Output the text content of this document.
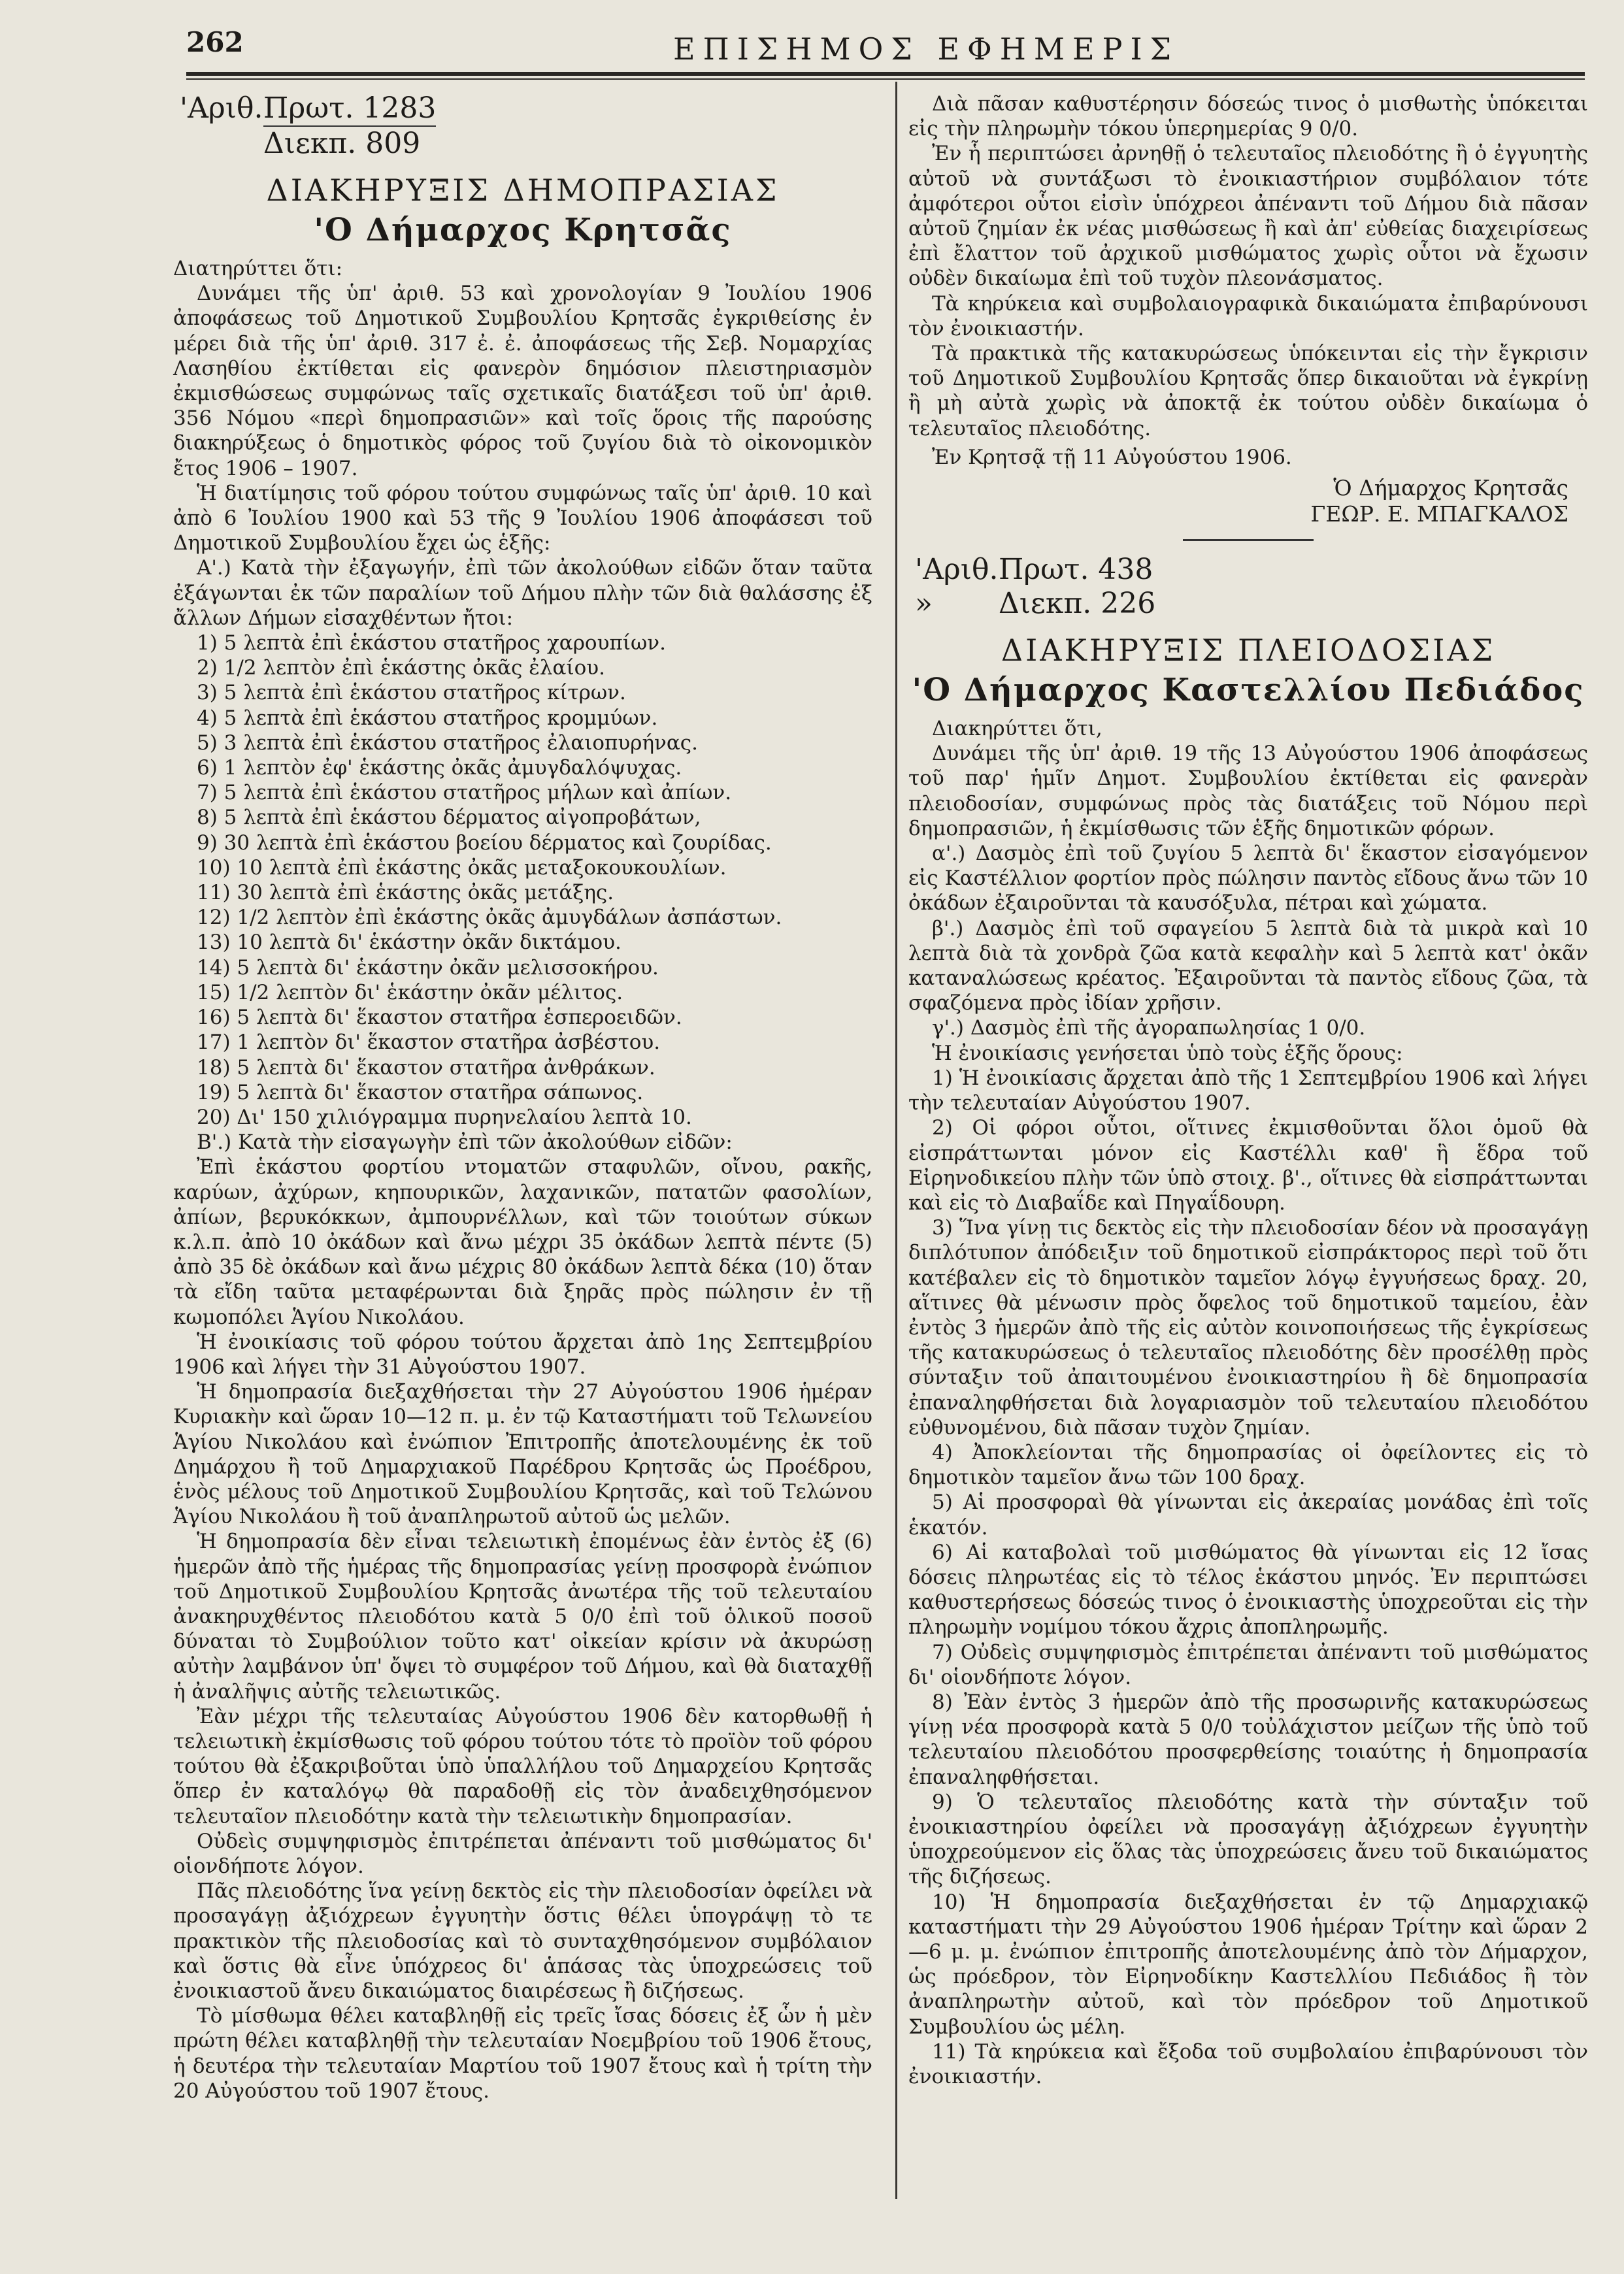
262	ΕΠΙΣΗΜΟΣ ΕΦΗΜΕΡΙΣ
'Αριθ. Πρωτ. 1283
Διεκπ. 809
ΔΙΑΚΗΡΥΞΙΣ ΔΗΜΟΠΡΑΣΙΑΣ
'Ο Δήμαρχος Κρητσᾶς

Διατηρύττει ὅτι:

Δυνάμει τῆς ὑπ' ἀριθ. 53 καὶ χρονολογίαν 9 Ἰουλίου 1906 ἀποφάσεως τοῦ Δημοτικοῦ Συμβουλίου Κρητσᾶς ἐγκριθείσης ἐν μέρει διὰ τῆς ὑπ' ἀριθ. 317 ἐ. ἐ. ἀποφάσεως τῆς Σεβ. Νομαρχίας Λασηθίου ἐκτίθεται εἰς φανερὸν δημόσιον πλειστηριασμὸν ἐκμισθώσεως συμφώνως ταῖς σχετικαῖς διατάξεσι τοῦ ὑπ' ἀριθ. 356 Νόμου «περὶ δημοπρασιῶν» καὶ τοῖς ὅροις τῆς παρούσης διακηρύξεως ὁ δημοτικὸς φόρος τοῦ ζυγίου διὰ τὸ οἰκονομικὸν ἔτος 1906 – 1907.

Ἡ διατίμησις τοῦ φόρου τούτου συμφώνως ταῖς ὑπ' ἀριθ. 10 καὶ ἀπὸ 6 Ἰουλίου 1900 καὶ 53 τῆς 9 Ἰουλίου 1906 ἀποφάσεσι τοῦ Δημοτικοῦ Συμβουλίου ἔχει ὡς ἑξῆς:

Α'.) Κατὰ τὴν ἐξαγωγήν, ἐπὶ τῶν ἀκολούθων εἰδῶν ὅταν ταῦτα ἐξάγωνται ἐκ τῶν παραλίων τοῦ Δήμου πλὴν τῶν διὰ θαλάσσης ἐξ ἄλλων Δήμων εἰσαχθέντων ἤτοι:

1) 5 λεπτὰ ἐπὶ ἑκάστου στατῆρος χαρουπίων.

2) 1/2 λεπτὸν ἐπὶ ἑκάστης ὀκᾶς ἐλαίου.

3) 5 λεπτὰ ἐπὶ ἑκάστου στατῆρος κίτρων.

4) 5 λεπτὰ ἐπὶ ἑκάστου στατῆρος κρομμύων.

5) 3 λεπτὰ ἐπὶ ἑκάστου στατῆρος ἐλαιοπυρήνας.

6) 1 λεπτὸν ἐφ' ἑκάστης ὀκᾶς ἀμυγδαλόψυχας.

7) 5 λεπτὰ ἐπὶ ἑκάστου στατῆρος μήλων καὶ ἀπίων.

8) 5 λεπτὰ ἐπὶ ἑκάστου δέρματος αἰγοπροβάτων,

9) 30 λεπτὰ ἐπὶ ἑκάστου βοείου δέρματος καὶ ζουρίδας.

10) 10 λεπτὰ ἐπὶ ἑκάστης ὀκᾶς μεταξοκουκουλίων.

11) 30 λεπτὰ ἐπὶ ἑκάστης ὀκᾶς μετάξης.

12) 1/2 λεπτὸν ἐπὶ ἑκάστης ὀκᾶς ἀμυγδάλων ἀσπάστων.

13) 10 λεπτὰ δι' ἑκάστην ὀκᾶν δικτάμου.

14) 5 λεπτὰ δι' ἑκάστην ὀκᾶν μελισσοκήρου.

15) 1/2 λεπτὸν δι' ἑκάστην ὀκᾶν μέλιτος.

16) 5 λεπτὰ δι' ἕκαστον στατῆρα ἑσπεροειδῶν.

17) 1 λεπτὸν δι' ἕκαστον στατῆρα ἀσβέστου.

18) 5 λεπτὰ δι' ἕκαστον στατῆρα ἀνθράκων.

19) 5 λεπτὰ δι' ἕκαστον στατῆρα σάπωνος.

20) Δι' 150 χιλιόγραμμα πυρηνελαίου λεπτὰ 10.

Β'.) Κατὰ τὴν εἰσαγωγὴν ἐπὶ τῶν ἀκολούθων εἰδῶν:

Ἐπὶ ἑκάστου φορτίου ντοματῶν σταφυλῶν, οἴνου, ρακῆς, καρύων, ἀχύρων, κηπουρικῶν, λαχανικῶν, πατατῶν φασολίων, ἀπίων, βερυκόκκων, ἀμπουρνέλλων, καὶ τῶν τοιούτων σύκων κ.λ.π. ἀπὸ 10 ὀκάδων καὶ ἄνω μέχρι 35 ὀκάδων λεπτὰ πέντε (5) ἀπὸ 35 δὲ ὀκάδων καὶ ἄνω μέχρις 80 ὀκάδων λεπτὰ δέκα (10) ὅταν τὰ εἴδη ταῦτα μεταφέρωνται διὰ ξηρᾶς πρὸς πώλησιν ἐν τῇ κωμοπόλει Ἁγίου Νικολάου.

Ἡ ἐνοικίασις τοῦ φόρου τούτου ἄρχεται ἀπὸ 1ης Σεπτεμβρίου 1906 καὶ λήγει τὴν 31 Αὐγούστου 1907.

Ἡ δημοπρασία διεξαχθήσεται τὴν 27 Αὐγούστου 1906 ἡμέραν Κυριακὴν καὶ ὥραν 10—12 π. μ. ἐν τῷ Καταστήματι τοῦ Τελωνείου Ἁγίου Νικολάου καὶ ἐνώπιον Ἐπιτροπῆς ἀποτελουμένης ἐκ τοῦ Δημάρχου ἢ τοῦ Δημαρχιακοῦ Παρέδρου Κρητσᾶς ὡς Προέδρου, ἑνὸς μέλους τοῦ Δημοτικοῦ Συμβουλίου Κρητσᾶς, καὶ τοῦ Τελώνου Ἁγίου Νικολάου ἢ τοῦ ἀναπληρωτοῦ αὐτοῦ ὡς μελῶν.

Ἡ δημοπρασία δὲν εἶναι τελειωτικὴ ἐπομένως ἐὰν ἐντὸς ἐξ (6) ἡμερῶν ἀπὸ τῆς ἡμέρας τῆς δημοπρασίας γείνῃ προσφορὰ ἐνώπιον τοῦ Δημοτικοῦ Συμβουλίου Κρητσᾶς ἀνωτέρα τῆς τοῦ τελευταίου ἀνακηρυχθέντος πλειοδότου κατὰ 5 0/0 ἐπὶ τοῦ ὁλικοῦ ποσοῦ δύναται τὸ Συμβούλιον τοῦτο κατ' οἰκείαν κρίσιν νὰ ἀκυρώσῃ αὐτὴν λαμβάνον ὑπ' ὄψει τὸ συμφέρον τοῦ Δήμου, καὶ θὰ διαταχθῇ ἡ ἀναλῆψις αὐτῆς τελειωτικῶς.

Ἐὰν μέχρι τῆς τελευταίας Αὐγούστου 1906 δὲν κατορθωθῇ ἡ τελειωτικὴ ἐκμίσθωσις τοῦ φόρου τούτου τότε τὸ προϊὸν τοῦ φόρου τούτου θὰ ἐξακριβοῦται ὑπὸ ὑπαλλήλου τοῦ Δημαρχείου Κρητσᾶς ὅπερ ἐν καταλόγῳ θὰ παραδοθῇ εἰς τὸν ἀναδειχθησόμενον τελευταῖον πλειοδότην κατὰ τὴν τελειωτικὴν δημοπρασίαν.

Οὐδεὶς συμψηφισμὸς ἐπιτρέπεται ἀπέναντι τοῦ μισθώματος δι' οἱονδήποτε λόγον.

Πᾶς πλειοδότης ἵνα γείνῃ δεκτὸς εἰς τὴν πλειοδοσίαν ὀφείλει νὰ προσαγάγῃ ἀξιόχρεων ἐγγυητὴν ὅστις θέλει ὑπογράψῃ τὸ τε πρακτικὸν τῆς πλειοδοσίας καὶ τὸ συνταχθησόμενον συμβόλαιον καὶ ὅστις θὰ εἶνε ὑπόχρεος δι' ἁπάσας τὰς ὑποχρεώσεις τοῦ ἐνοικιαστοῦ ἄνευ δικαιώματος διαιρέσεως ἢ διζήσεως.

Τὸ μίσθωμα θέλει καταβληθῇ εἰς τρεῖς ἴσας δόσεις ἐξ ὧν ἡ μὲν πρώτη θέλει καταβληθῇ τὴν τελευταίαν Νοεμβρίου τοῦ 1906 ἔτους, ἡ δευτέρα τὴν τελευταίαν Μαρτίου τοῦ 1907 ἔτους καὶ ἡ τρίτη τὴν 20 Αὐγούστου τοῦ 1907 ἔτους.

Διὰ πᾶσαν καθυστέρησιν δόσεώς τινος ὁ μισθωτὴς ὑπόκειται εἰς τὴν πληρωμὴν τόκου ὑπερημερίας 9 0/0.

Ἐν ἧ περιπτώσει ἀρνηθῇ ὁ τελευταῖος πλειοδότης ἢ ὁ ἐγγυητὴς αὐτοῦ νὰ συντάξωσι τὸ ἐνοικιαστήριον συμβόλαιον τότε ἀμφότεροι οὗτοι εἰσὶν ὑπόχρεοι ἀπέναντι τοῦ Δήμου διὰ πᾶσαν αὐτοῦ ζημίαν ἐκ νέας μισθώσεως ἢ καὶ ἀπ' εὐθείας διαχειρίσεως ἐπὶ ἔλαττον τοῦ ἀρχικοῦ μισθώματος χωρὶς οὗτοι νὰ ἔχωσιν οὐδὲν δικαίωμα ἐπὶ τοῦ τυχὸν πλεονάσματος.

Τὰ κηρύκεια καὶ συμβολαιογραφικὰ δικαιώματα ἐπιβαρύνουσι τὸν ἐνοικιαστήν.

Τὰ πρακτικὰ τῆς κατακυρώσεως ὑπόκεινται εἰς τὴν ἔγκρισιν τοῦ Δημοτικοῦ Συμβουλίου Κρητσᾶς ὅπερ δικαιοῦται νὰ ἐγκρίνῃ ἢ μὴ αὐτὰ χωρὶς νὰ ἀποκτᾷ ἐκ τούτου οὐδὲν δικαίωμα ὁ τελευταῖος πλειοδότης.

Ἐν Κρητσᾷ τῇ 11 Αὐγούστου 1906.

Ὁ Δήμαρχος Κρητσᾶς
ΓΕΩΡ. Ε. ΜΠΑΓΚΑΛΟΣ
'Αριθ. Πρωτ. 438
»	Διεκπ. 226
ΔΙΑΚΗΡΥΞΙΣ ΠΛΕΙΟΔΟΣΙΑΣ
'Ο Δήμαρχος Καστελλίου Πεδιάδος

Διακηρύττει ὅτι,

Δυνάμει τῆς ὑπ' ἀριθ. 19 τῆς 13 Αὐγούστου 1906 ἀποφάσεως τοῦ παρ' ἡμῖν Δημοτ. Συμβουλίου ἐκτίθεται εἰς φανερὰν πλειοδοσίαν, συμφώνως πρὸς τὰς διατάξεις τοῦ Νόμου περὶ δημοπρασιῶν, ἡ ἐκμίσθωσις τῶν ἑξῆς δημοτικῶν φόρων.

α'.) Δασμὸς ἐπὶ τοῦ ζυγίου 5 λεπτὰ δι' ἕκαστον εἰσαγόμενον εἰς Καστέλλιον φορτίον πρὸς πώλησιν παντὸς εἴδους ἄνω τῶν 10 ὀκάδων ἐξαιροῦνται τὰ καυσόξυλα, πέτραι καὶ χώματα.

β'.) Δασμὸς ἐπὶ τοῦ σφαγείου 5 λεπτὰ διὰ τὰ μικρὰ καὶ 10 λεπτὰ διὰ τὰ χονδρὰ ζῶα κατὰ κεφαλὴν καὶ 5 λεπτὰ κατ' ὀκᾶν καταναλώσεως κρέατος. Ἐξαιροῦνται τὰ παντὸς εἴδους ζῶα, τὰ σφαζόμενα πρὸς ἰδίαν χρῆσιν.

γ'.) Δασμὸς ἐπὶ τῆς ἀγοραπωλησίας 1 0/0.

Ἡ ἐνοικίασις γενήσεται ὑπὸ τοὺς ἑξῆς ὅρους:

1) Ἡ ἐνοικίασις ἄρχεται ἀπὸ τῆς 1 Σεπτεμβρίου 1906 καὶ λήγει τὴν τελευταίαν Αὐγούστου 1907.

2) Οἱ φόροι οὗτοι, οἵτινες ἐκμισθοῦνται ὅλοι ὁμοῦ θὰ εἰσπράττωνται μόνον εἰς Καστέλλι καθ' ἣ ἕδρα τοῦ Εἰρηνοδικείου πλὴν τῶν ὑπὸ στοιχ. β'., οἵτινες θὰ εἰσπράττωνται καὶ εἰς τὸ Διαβαΐδε καὶ Πηγαΐδουρη.

3) Ἵνα γίνῃ τις δεκτὸς εἰς τὴν πλειοδοσίαν δέον νὰ προσαγάγῃ διπλότυπον ἀπόδειξιν τοῦ δημοτικοῦ εἰσπράκτορος περὶ τοῦ ὅτι κατέβαλεν εἰς τὸ δημοτικὸν ταμεῖον λόγῳ ἐγγυήσεως δραχ. 20, αἵτινες θὰ μένωσιν πρὸς ὄφελος τοῦ δημοτικοῦ ταμείου, ἐὰν ἐντὸς 3 ἡμερῶν ἀπὸ τῆς εἰς αὐτὸν κοινοποιήσεως τῆς ἐγκρίσεως τῆς κατακυρώσεως ὁ τελευταῖος πλειοδότης δὲν προσέλθῃ πρὸς σύνταξιν τοῦ ἀπαιτουμένου ἐνοικιαστηρίου ἢ δὲ δημοπρασία ἐπαναληφθήσεται διὰ λογαριασμὸν τοῦ τελευταίου πλειοδότου εὐθυνομένου, διὰ πᾶσαν τυχὸν ζημίαν.

4) Ἀποκλείονται τῆς δημοπρασίας οἱ ὀφείλοντες εἰς τὸ δημοτικὸν ταμεῖον ἄνω τῶν 100 δραχ.

5) Αἱ προσφοραὶ θὰ γίνωνται εἰς ἀκεραίας μονάδας ἐπὶ τοῖς ἑκατόν.

6) Αἱ καταβολαὶ τοῦ μισθώματος θὰ γίνωνται εἰς 12 ἴσας δόσεις πληρωτέας εἰς τὸ τέλος ἑκάστου μηνός. Ἐν περιπτώσει καθυστερήσεως δόσεώς τινος ὁ ἐνοικιαστὴς ὑποχρεοῦται εἰς τὴν πληρωμὴν νομίμου τόκου ἄχρις ἀποπληρωμῆς.

7) Οὐδεὶς συμψηφισμὸς ἐπιτρέπεται ἀπέναντι τοῦ μισθώματος δι' οἱονδήποτε λόγον.

8) Ἐὰν ἐντὸς 3 ἡμερῶν ἀπὸ τῆς προσωρινῆς κατακυρώσεως γίνῃ νέα προσφορὰ κατὰ 5 0/0 τοὐλάχιστον μείζων τῆς ὑπὸ τοῦ τελευταίου πλειοδότου προσφερθείσης τοιαύτης ἡ δημοπρασία ἐπαναληφθήσεται.

9) Ὁ τελευταῖος πλειοδότης κατὰ τὴν σύνταξιν τοῦ ἐνοικιαστηρίου ὀφείλει νὰ προσαγάγῃ ἀξιόχρεων ἐγγυητὴν ὑποχρεούμενον εἰς ὅλας τὰς ὑποχρεώσεις ἄνευ τοῦ δικαιώματος τῆς διζήσεως.

10) Ἡ δημοπρασία διεξαχθήσεται ἐν τῷ Δημαρχιακῷ καταστήματι τὴν 29 Αὐγούστου 1906 ἡμέραν Τρίτην καὶ ὥραν 2—6 μ. μ. ἐνώπιον ἐπιτροπῆς ἀποτελουμένης ἀπὸ τὸν Δήμαρχον, ὡς πρόεδρον, τὸν Εἰρηνοδίκην Καστελλίου Πεδιάδος ἢ τὸν ἀναπληρωτὴν αὐτοῦ, καὶ τὸν πρόεδρον τοῦ Δημοτικοῦ Συμβουλίου ὡς μέλη.

11) Τὰ κηρύκεια καὶ ἔξοδα τοῦ συμβολαίου ἐπιβαρύνουσι τὸν ἐνοικιαστήν.
